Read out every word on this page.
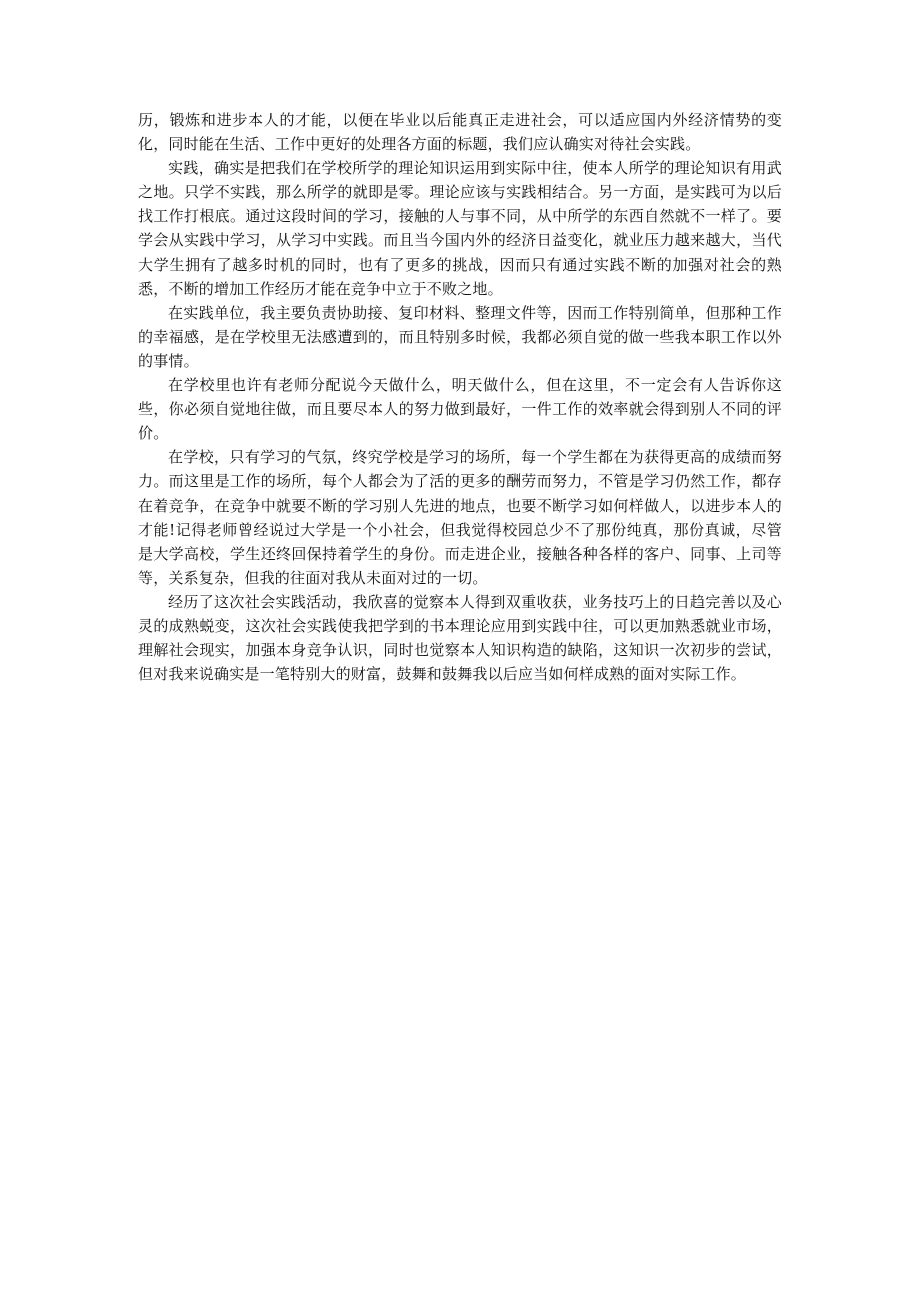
历，锻炼和进步本人的才能，以便在毕业以后能真正走进社会，可以适应国内外经济情势的变化，同时能在生活、工作中更好的处理各方面的标题，我们应认确实对待社会实践。

实践，确实是把我们在学校所学的理论知识运用到实际中往，使本人所学的理论知识有用武之地。只学不实践，那么所学的就即是零。理论应该与实践相结合。另一方面，是实践可为以后找工作打根底。通过这段时间的学习，接触的人与事不同，从中所学的东西自然就不一样了。要学会从实践中学习，从学习中实践。而且当今国内外的经济日益变化，就业压力越来越大，当代大学生拥有了越多时机的同时，也有了更多的挑战，因而只有通过实践不断的加强对社会的熟悉，不断的增加工作经历才能在竞争中立于不败之地。

在实践单位，我主要负责协助接、复印材料、整理文件等，因而工作特别简单，但那种工作的幸福感，是在学校里无法感遭到的，而且特别多时候，我都必须自觉的做一些我本职工作以外的事情。

在学校里也许有老师分配说今天做什么，明天做什么，但在这里，不一定会有人告诉你这些，你必须自觉地往做，而且要尽本人的努力做到最好，一件工作的效率就会得到别人不同的评价。

在学校，只有学习的气氛，终究学校是学习的场所，每一个学生都在为获得更高的成绩而努力。而这里是工作的场所，每个人都会为了活的更多的酬劳而努力，不管是学习仍然工作，都存在着竞争，在竞争中就要不断的学习别人先进的地点，也要不断学习如何样做人，以进步本人的才能!记得老师曾经说过大学是一个小社会，但我觉得校园总少不了那份纯真，那份真诚，尽管是大学高校，学生还终回保持着学生的身份。而走进企业，接触各种各样的客户、同事、上司等等，关系复杂，但我的往面对我从未面对过的一切。

经历了这次社会实践活动，我欣喜的觉察本人得到双重收获，业务技巧上的日趋完善以及心灵的成熟蜕变，这次社会实践使我把学到的书本理论应用到实践中往，可以更加熟悉就业市场，理解社会现实，加强本身竞争认识，同时也觉察本人知识构造的缺陷，这知识一次初步的尝试，但对我来说确实是一笔特别大的财富，鼓舞和鼓舞我以后应当如何样成熟的面对实际工作。
